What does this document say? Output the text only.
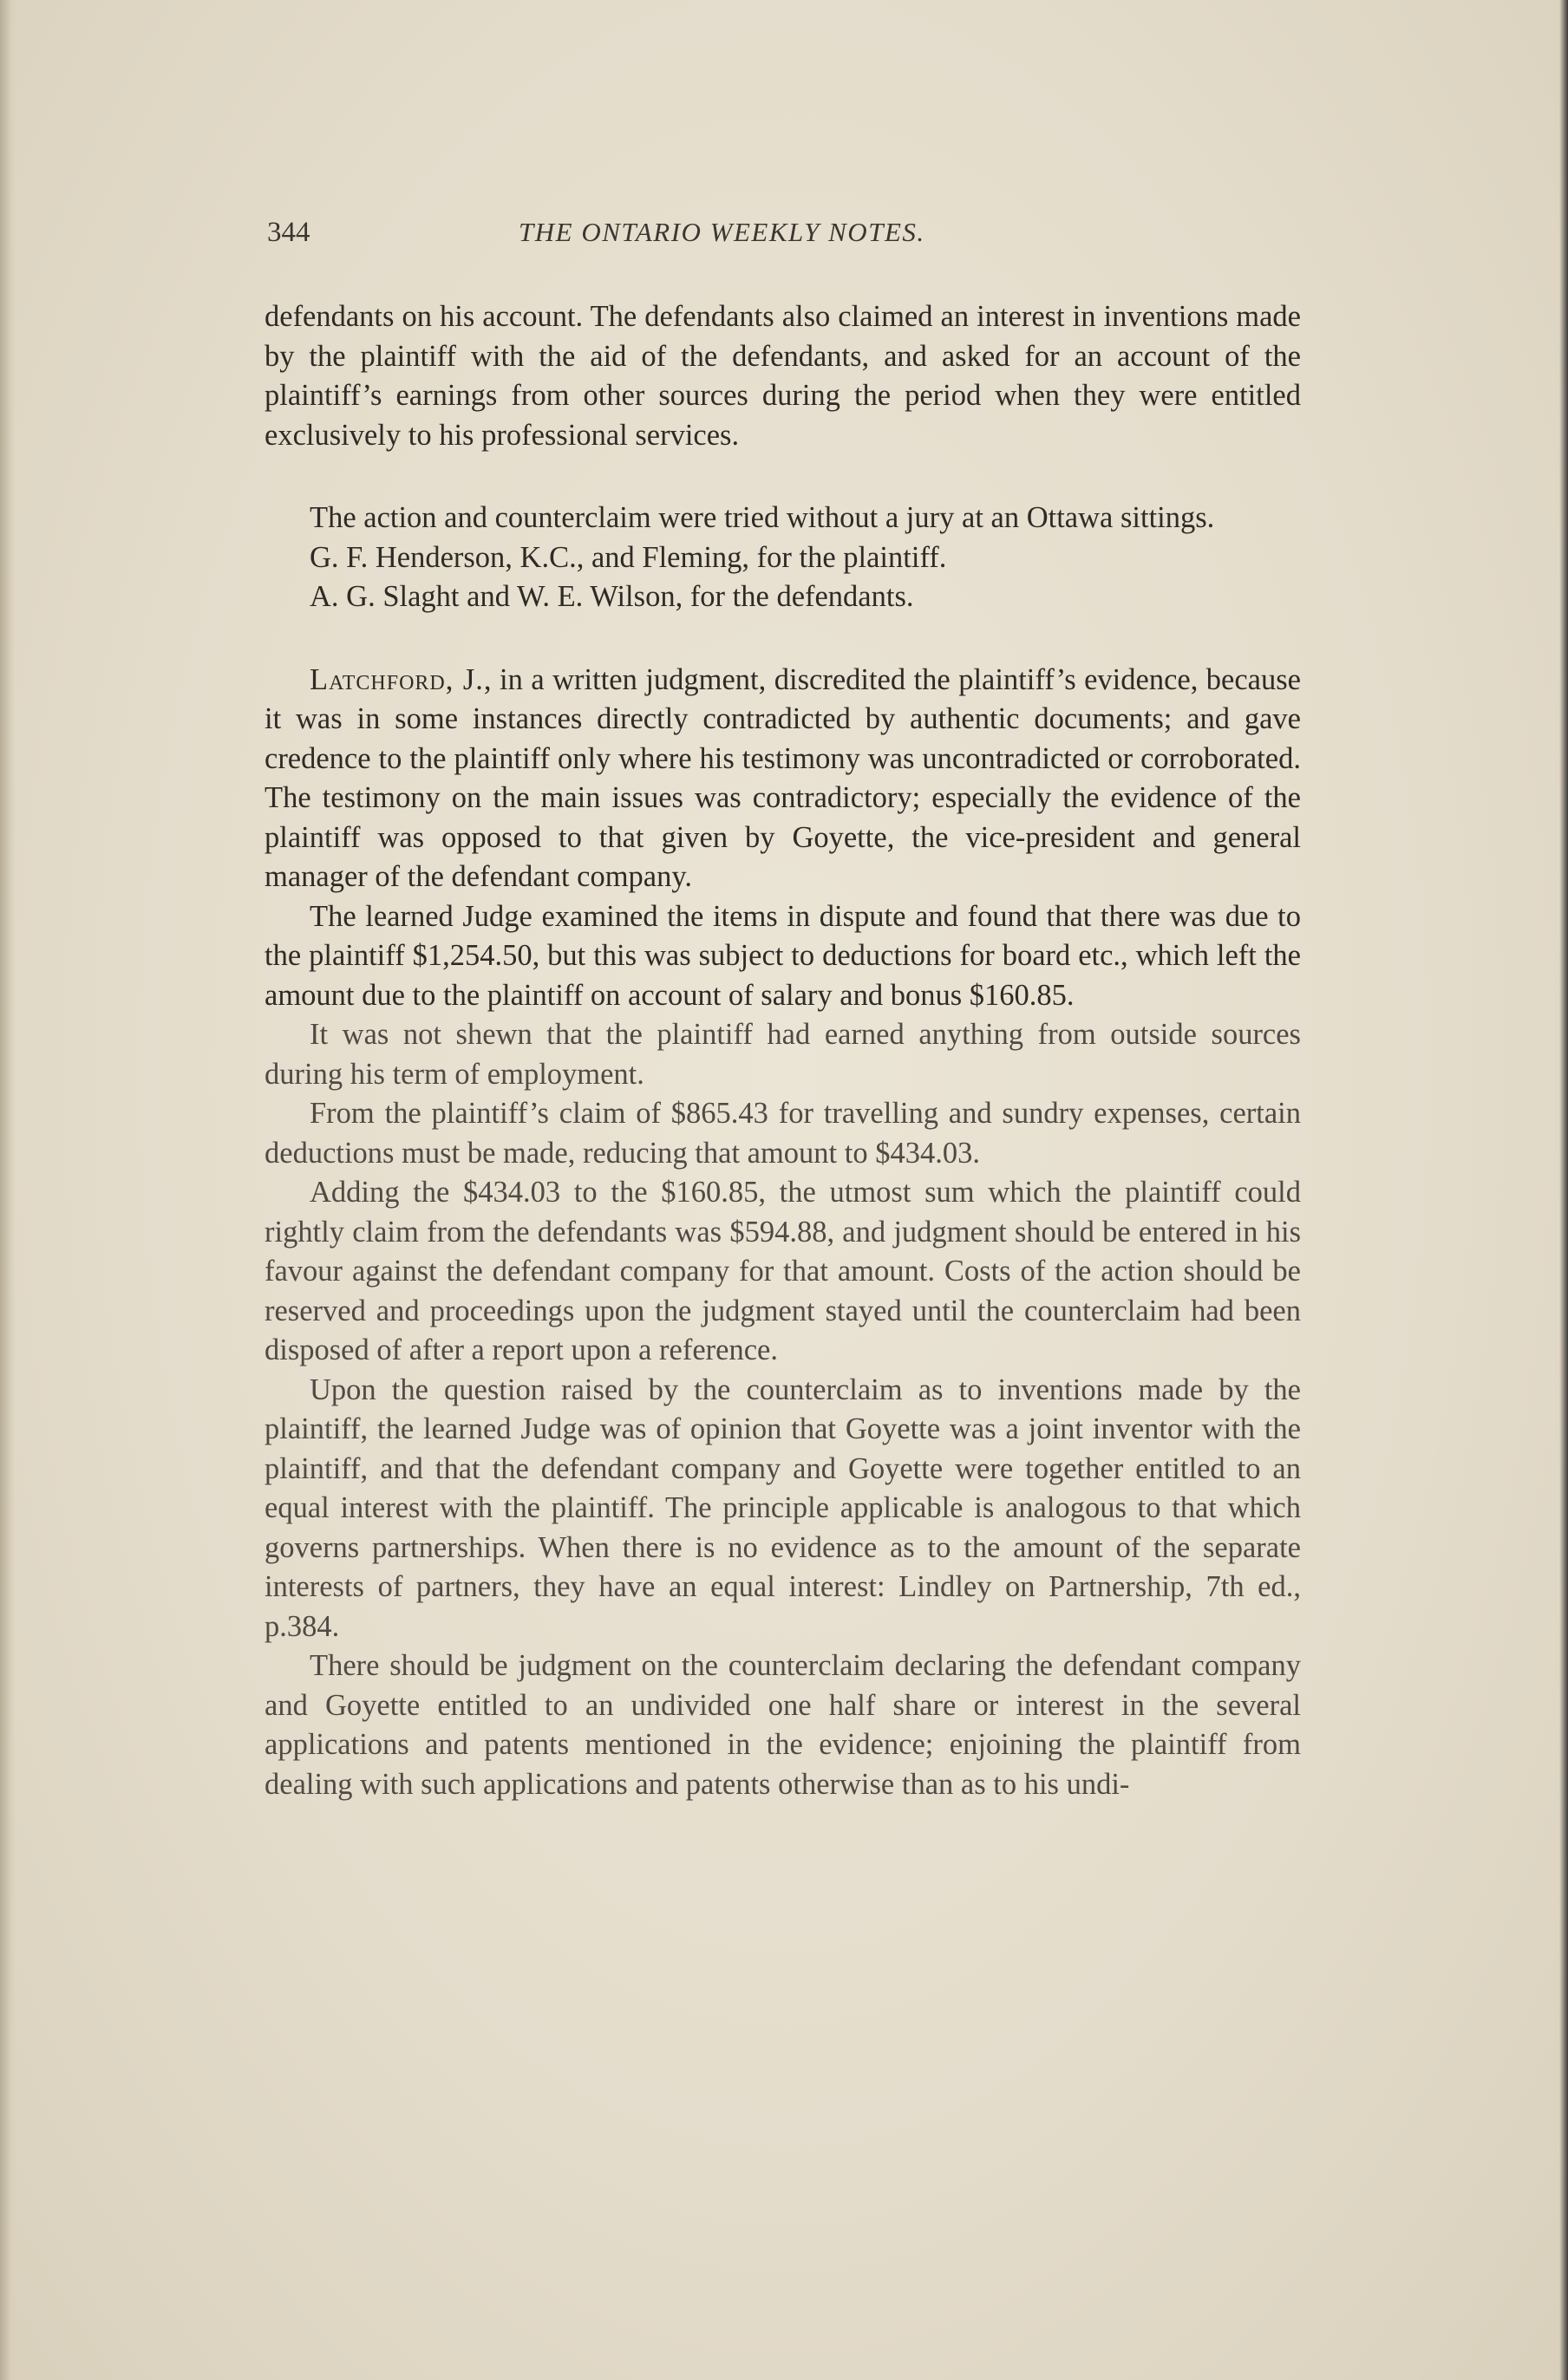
344	THE ONTARIO WEEKLY NOTES.

defendants on his account. The defendants also claimed an interest in inventions made by the plaintiff with the aid of the defendants, and asked for an account of the plaintiff’s earnings from other sources during the period when they were entitled exclusively to his professional services.

The action and counterclaim were tried without a jury at an Ottawa sittings.

G. F. Henderson, K.C., and Fleming, for the plaintiff.

A. G. Slaght and W. E. Wilson, for the defendants.

Latchford, J., in a written judgment, discredited the plaintiff’s evidence, because it was in some instances directly contradicted by authentic documents; and gave credence to the plaintiff only where his testimony was uncontradicted or corroborated. The testimony on the main issues was contradictory; especially the evidence of the plaintiff was opposed to that given by Goyette, the vice-president and general manager of the defendant company.

The learned Judge examined the items in dispute and found that there was due to the plaintiff $1,254.50, but this was subject to deductions for board etc., which left the amount due to the plaintiff on account of salary and bonus $160.85.

It was not shewn that the plaintiff had earned anything from outside sources during his term of employment.

From the plaintiff’s claim of $865.43 for travelling and sundry expenses, certain deductions must be made, reducing that amount to $434.03.

Adding the $434.03 to the $160.85, the utmost sum which the plaintiff could rightly claim from the defendants was $594.88, and judgment should be entered in his favour against the defendant company for that amount. Costs of the action should be reserved and proceedings upon the judgment stayed until the counterclaim had been disposed of after a report upon a reference.

Upon the question raised by the counterclaim as to inventions made by the plaintiff, the learned Judge was of opinion that Goyette was a joint inventor with the plaintiff, and that the defendant company and Goyette were together entitled to an equal interest with the plaintiff. The principle applicable is analogous to that which governs partnerships. When there is no evidence as to the amount of the separate interests of partners, they have an equal interest: Lindley on Partnership, 7th ed., p.384.

There should be judgment on the counterclaim declaring the defendant company and Goyette entitled to an undivided one half share or interest in the several applications and patents mentioned in the evidence; enjoining the plaintiff from dealing with such applications and patents otherwise than as to his undi-
